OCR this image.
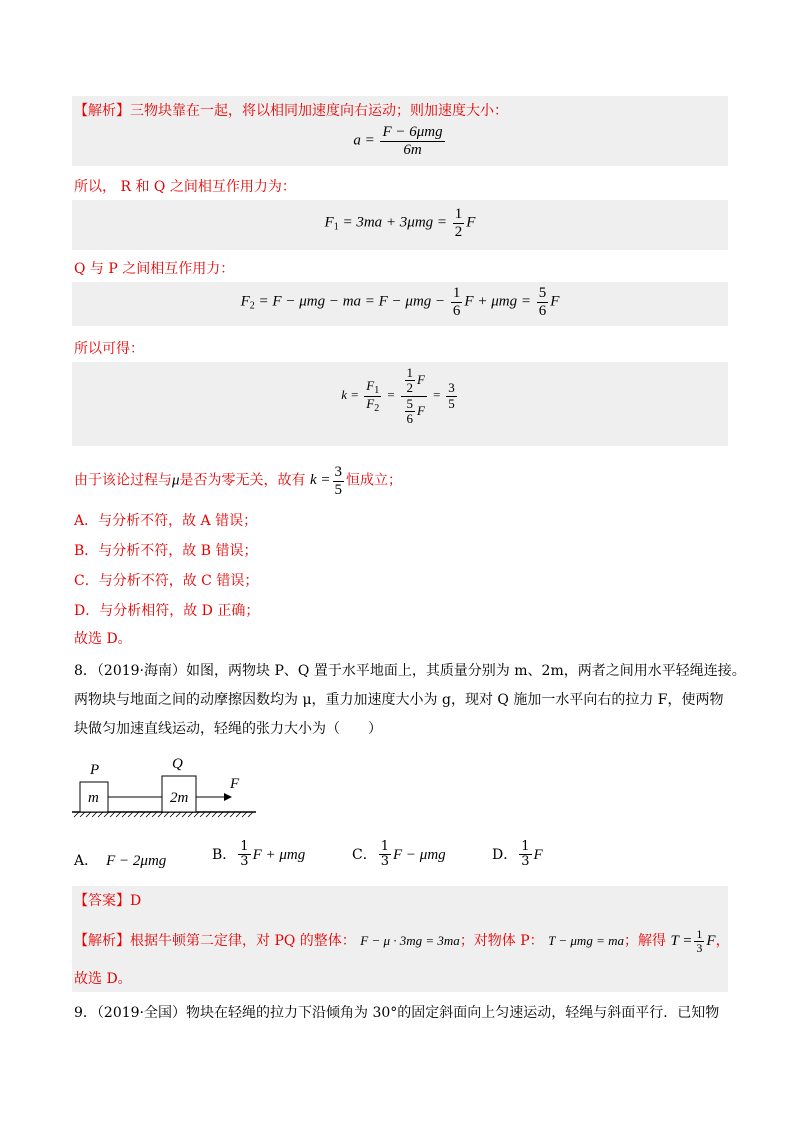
【解析】三物块靠在一起，将以相同加速度向右运动；则加速度大小：
$a = \frac{\text{F − 6μmg}}{6m}$
所以， R 和 Q 之间相互作用力为：
$F_1 = 3ma + 3\mu mg = \frac{1}{2}$ F
Q 与 P 之间相互作用力：
$F_2 = F - \mu mg$ − ma = $F - \mu mg - \frac{1}{6}$ $F + \mu mg = \frac{5}{6}$ F
所以可得：
$k = \frac{F_1}{F_2} = \frac{\frac{1}{2} F}{\frac{5}{6} F} = \frac{3}{5}$
由于该论过程与μ是否为零无关，故有 $k = \frac{3}{5}$ 恒成立；
A．与分析不符，故 A 错误；
B．与分析不符，故 B 错误；
C．与分析不符，故 C 错误；
D．与分析相符，故 D 正确；
故选 D。
8．（2019·海南）如图，两物块 P、Q 置于水平地面上，其质量分别为 m、2m，两者之间用水平轻绳连接。
两物块与地面之间的动摩擦因数均为 μ，重力加速度大小为 g，现对 Q 施加一水平向右的拉力 F，使两物
块做匀加速直线运动，轻绳的张力大小为（　　）
P	Q
m	2m
F
A． F − 2μmg	B． $\frac{1}{3}$ F + μmg	C． $\frac{1}{3}$ F − μmg	D． $\frac{1}{3}$ F
【答案】D
【解析】根据牛顿第二定律，对 PQ 的整体： F − μ · 3mg = 3ma；对物体 P： T − μmg = ma；解得 $T = \frac{1}{3}$ F，
故选 D。
9．（2019·全国）物块在轻绳的拉力下沿倾角为 30°的固定斜面向上匀速运动，轻绳与斜面平行．已知物
